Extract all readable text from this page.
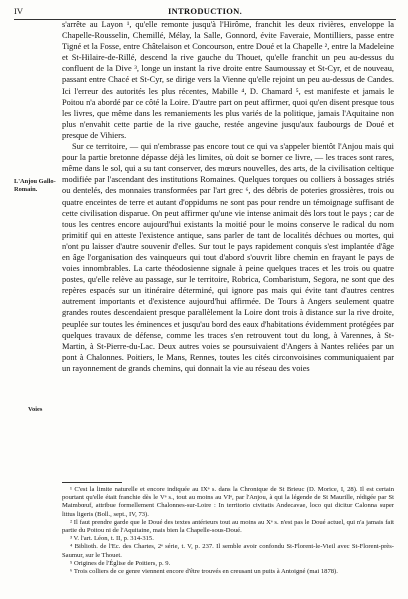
IV	INTRODUCTION.
L'Anjou Gallo-Romain.
Voies

s'arrête au Layon ¹, qu'elle remonte jusqu'à l'Hirôme, franchit les deux rivières, enveloppe la Chapelle-Rousselin, Chemillé, Mélay, la Salle, Gonnord, évite Faveraie, Montilliers, passe entre Tigné et la Fosse, entre Châtelaison et Concourson, entre Doué et la Chapelle ², entre la Madeleine et St-Hilaire-de-Rillé, descend la rive gauche du Thouet, qu'elle franchit un peu au-dessus du confluent de la Dive ³, longe un instant la rive droite entre Saumoussay et St-Cyr, et de nouveau, passant entre Chacé et St-Cyr, se dirige vers la Vienne qu'elle rejoint un peu au-dessus de Candes. Ici l'erreur des autorités les plus récentes, Mabille ⁴, D. Chamard ⁵, est manifeste et jamais le Poitou n'a abordé par ce côté la Loire. D'autre part on peut affirmer, quoi qu'en disent presque tous les livres, que même dans les remaniements les plus variés de la politique, jamais l'Aquitaine non plus n'envahit cette partie de la rive gauche, restée angevine jusqu'aux faubourgs de Doué et presque de Vihiers.

Sur ce territoire, — qui n'embrasse pas encore tout ce qui va s'appeler bientôt l'Anjou mais qui pour la partie bretonne dépasse déjà les limites, où doit se borner ce livre, — les traces sont rares, même dans le sol, qui a su tant conserver, des mœurs nouvelles, des arts, de la civilisation celtique modifiée par l'ascendant des institutions Romaines. Quelques torques ou colliers à bossages striés ou dentelés, des monnaies transformées par l'art grec ⁶, des débris de poteries grossières, trois ou quatre enceintes de terre et autant d'oppidums ne sont pas pour rendre un témoignage suffisant de cette civilisation disparue. On peut affirmer qu'une vie intense animait dès lors tout le pays ; car de tous les centres encore aujourd'hui existants la moitié pour le moins conserve le radical du nom primitif qui en atteste l'existence antique, sans parler de tant de localités déchues ou mortes, qui n'ont pu laisser d'autre souvenir d'elles. Sur tout le pays rapidement conquis s'est implantée d'âge en âge l'organisation des vainqueurs qui tout d'abord s'ouvrit libre chemin en frayant le pays de voies innombrables. La carte théodosienne signale à peine quelques traces et les trois ou quatre postes, qu'elle relève au passage, sur le territoire, Robrica, Combaristum, Segora, ne sont que des repères espacés sur un itinéraire déterminé, qui ignore pas mais qui évite tant d'autres centres autrement importants et d'existence aujourd'hui affirmée. De Tours à Angers seulement quatre grandes routes descendaient presque parallèlement la Loire dont trois à distance sur la rive droite, peuplée sur toutes les éminences et jusqu'au bord des eaux d'habitations évidemment protégées par quelques travaux de défense, comme les traces s'en retrouvent tout du long, à Varennes, à St-Martin, à St-Pierre-du-Lac. Deux autres voies se poursuivaient d'Angers à Nantes reliées par un pont à Chalonnes. Poitiers, le Mans, Rennes, toutes les cités circonvoisines communiquaient par un rayonnement de grands chemins, qui donnait la vie au réseau des voies

¹ C'est la limite naturelle et encore indiquée au IXᵉ s. dans la Chronique de St Brieuc (D. Morice, I, 28). Il est certain pourtant qu'elle était franchie dès le Vᵉ s., tout au moins au VIᵉ, par l'Anjou, à qui la légende de St Maurille, rédigée par St Maimbœuf, attribue formellement Chalonnes-sur-Loire : In territorio civitatis Andecavae, loco qui dicitur Calonna super littus ligeris (Boll., sept., IV, 73).

² Il faut prendre garde que le Doué des textes antérieurs tout au moins au Xᵉ s. n'est pas le Doué actuel, qui n'a jamais fait partie du Poitou ni de l'Aquitaine, mais bien la Chapelle-sous-Doué.

³ V. l'art. Léon, t. II, p. 314-315.

⁴ Biblioth. de l'Ec. des Chartes, 2ᵉ série, t. V, p. 237. Il semble avoir confondu St-Florent-le-Vieil avec St-Florent-près-Saumur, sur le Thouet.

⁵ Origines de l'Église de Poitiers, p. 9.

⁶ Trois colliers de ce genre viennent encore d'être trouvés en creusant un puits à Antoigné (mai 1878).
